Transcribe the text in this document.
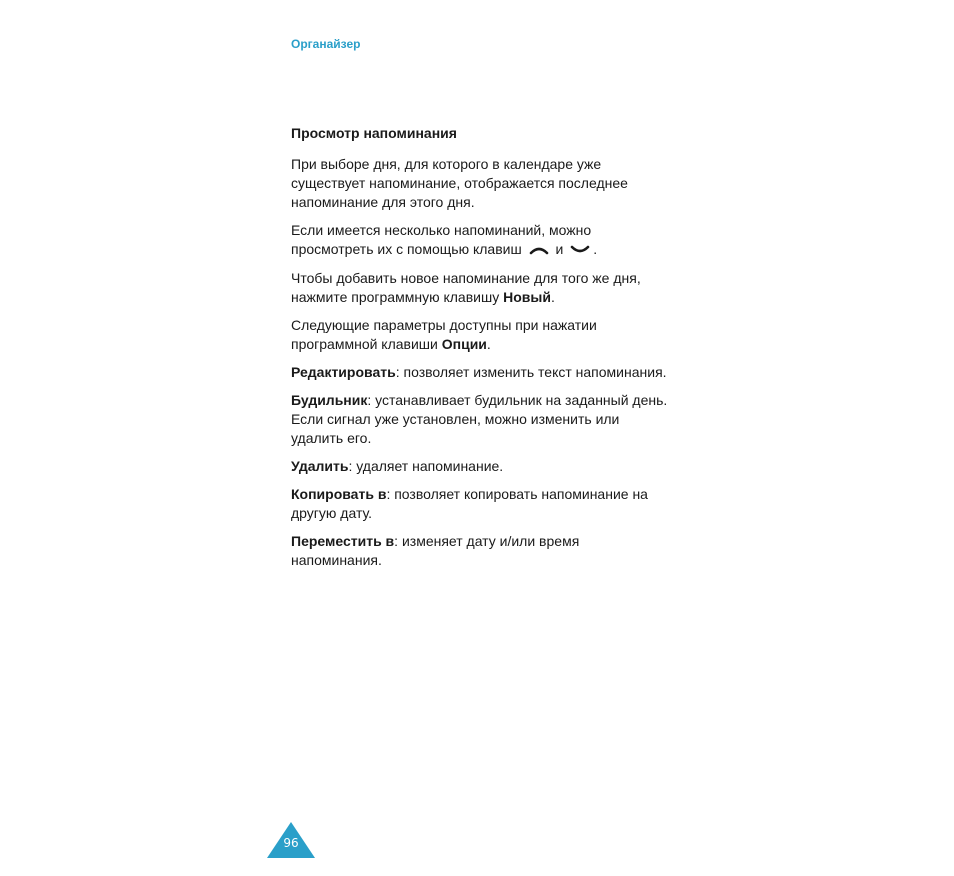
Органайзер
Просмотр напоминания

При выборе дня, для которого в календаре уже существует напоминание, отображается последнее напоминание для этого дня.

Если имеется несколько напоминаний, можно просмотреть их с помощью клавиш и .

Чтобы добавить новое напоминание для того же дня, нажмите программную клавишу Новый.

Следующие параметры доступны при нажатии программной клавиши Опции.

Редактировать: позволяет изменить текст напоминания.

Будильник: устанавливает будильник на заданный день. Если сигнал уже установлен, можно изменить или удалить его.

Удалить: удаляет напоминание.

Копировать в: позволяет копировать напоминание на другую дату.

Переместить в: изменяет дату и/или время напоминания.

96
